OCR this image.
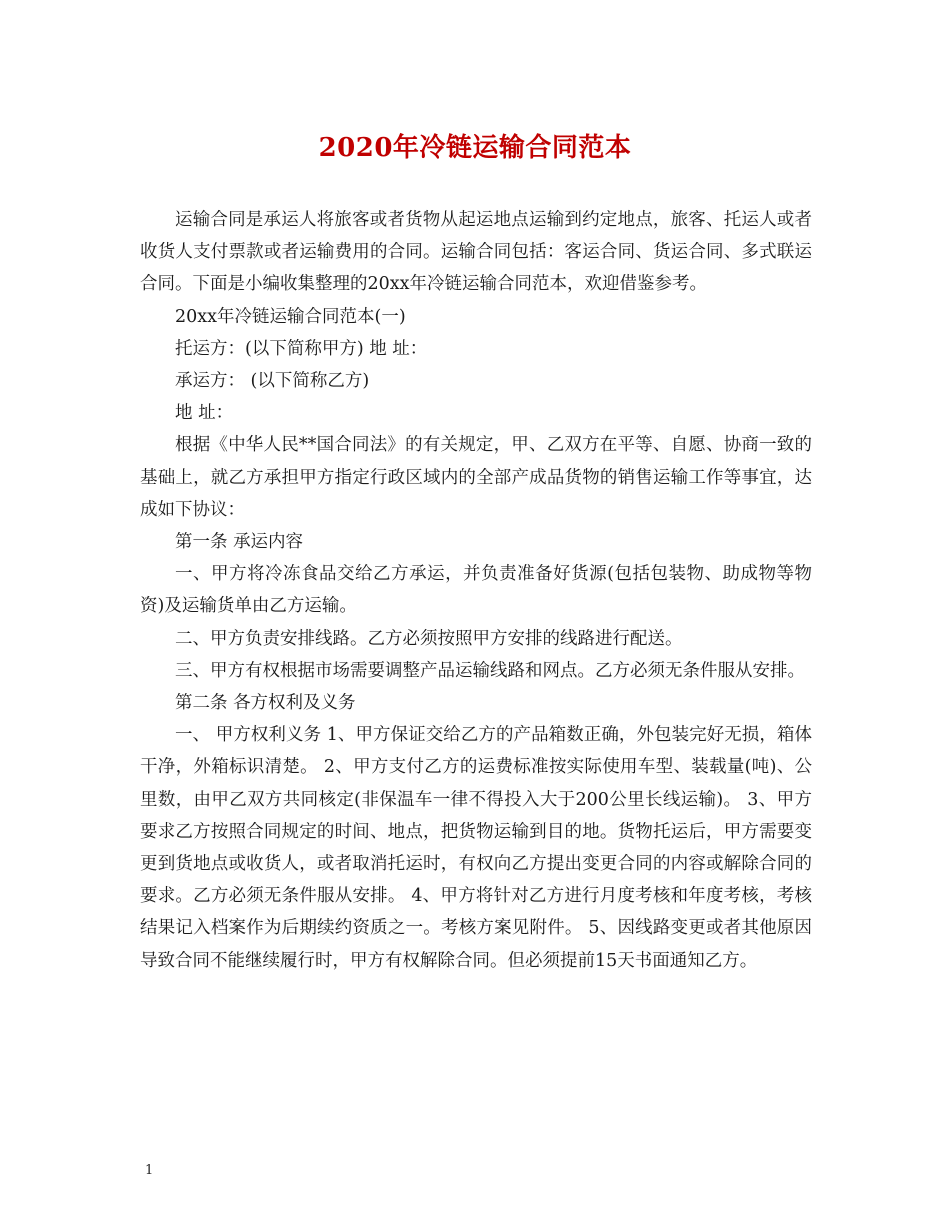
2020年冷链运输合同范本

运输合同是承运人将旅客或者货物从起运地点运输到约定地点，旅客、托运人或者收货人支付票款或者运输费用的合同。运输合同包括：客运合同、货运合同、多式联运合同。下面是小编收集整理的20xx年冷链运输合同范本，欢迎借鉴参考。

20xx年冷链运输合同范本(一)

托运方：(以下简称甲方) 地 址：

承运方： (以下简称乙方)

地 址：

根据《中华人民**国合同法》的有关规定，甲、乙双方在平等、自愿、协商一致的基础上，就乙方承担甲方指定行政区域内的全部产成品货物的销售运输工作等事宜，达成如下协议：

第一条 承运内容

一、甲方将冷冻食品交给乙方承运，并负责准备好货源(包括包装物、助成物等物资)及运输货单由乙方运输。

二、甲方负责安排线路。乙方必须按照甲方安排的线路进行配送。

三、甲方有权根据市场需要调整产品运输线路和网点。乙方必须无条件服从安排。

第二条 各方权利及义务

一、 甲方权利义务 1、甲方保证交给乙方的产品箱数正确，外包装完好无损，箱体干净，外箱标识清楚。 2、甲方支付乙方的运费标准按实际使用车型、装载量(吨)、公里数，由甲乙双方共同核定(非保温车一律不得投入大于200公里长线运输)。 3、甲方要求乙方按照合同规定的时间、地点，把货物运输到目的地。货物托运后，甲方需要变更到货地点或收货人，或者取消托运时，有权向乙方提出变更合同的内容或解除合同的要求。乙方必须无条件服从安排。 4、甲方将针对乙方进行月度考核和年度考核，考核结果记入档案作为后期续约资质之一。考核方案见附件。 5、因线路变更或者其他原因导致合同不能继续履行时，甲方有权解除合同。但必须提前15天书面通知乙方。

1
